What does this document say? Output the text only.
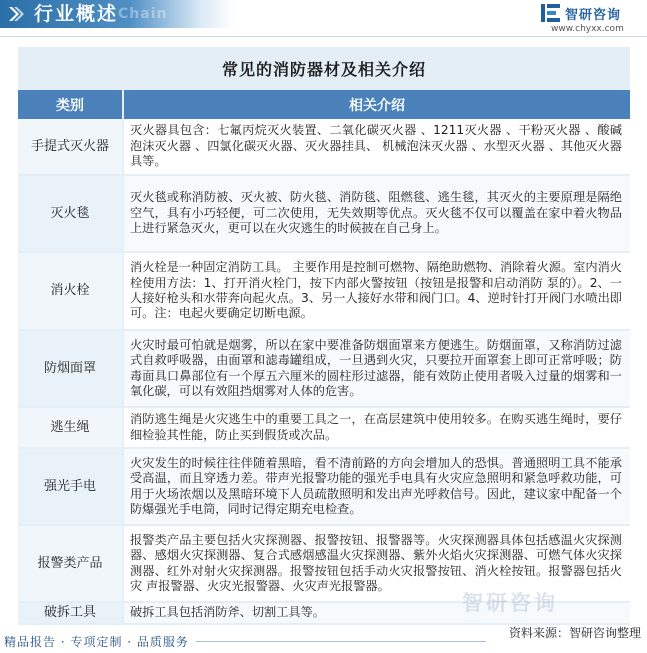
行业概述 Chain	智研咨询
www.chyxx.com
常见的消防器材及相关介绍
类别	相关介绍
手提式灭火器	灭火器具包含：七氟丙烷灭火装置、二氧化碳灭火器 、1211灭火器 、干粉灭火器 、酸碱泡沫灭火器 、四氯化碳灭火器、灭火器挂具、 机械泡沫灭火器 、水型灭火器 、其他灭火器具等。
灭火毯	灭火毯或称消防被、灭火被、防火毯、消防毯、阻燃毯、逃生毯，其灭火的主要原理是隔绝空气，具有小巧轻便，可二次使用，无失效期等优点。灭火毯不仅可以覆盖在家中着火物品上进行紧急灭火，更可以在火灾逃生的时候披在自己身上。
消火栓	消火栓是一种固定消防工具。 主要作用是控制可燃物、隔绝助燃物、消除着火源。室内消火栓使用方法：1、打开消火栓门，按下内部火警按钮（按钮是报警和启动消防 泵的）。2、一人接好枪头和水带奔向起火点。3、另一人接好水带和阀门口。4、逆时针打开阀门水喷出即可。注：电起火要确定切断电源。
防烟面罩	火灾时最可怕就是烟雾，所以在家中要准备防烟面罩来方便逃生。防烟面罩，又称消防过滤式自救呼吸器，由面罩和滤毒罐组成，一旦遇到火灾，只要拉开面罩套上即可正常呼吸；防毒面具口鼻部位有一个厚五六厘米的圆柱形过滤器，能有效防止使用者吸入过量的烟雾和一氧化碳，可以有效阻挡烟雾对人体的危害。
逃生绳	消防逃生绳是火灾逃生中的重要工具之一，在高层建筑中使用较多。在购买逃生绳时，要仔细检验其性能，防止买到假货或次品。
强光手电	火灾发生的时候往往伴随着黑暗，看不清前路的方向会增加人的恐惧。普通照明工具不能承受高温，而且穿透力差。带声光报警功能的强光手电具有火灾应急照明和紧急呼救功能，可用于火场浓烟以及黑暗环境下人员疏散照明和发出声光呼救信号。因此，建议家中配备一个防爆强光手电筒，同时记得定期充电检查。
报警类产品	报警类产品主要包括火灾探测器、报警按钮、报警器等。火灾探测器具体包括感温火灾探测器、感烟火灾探测器、复合式感烟感温火灾探测器、紫外火焰火灾探测器、可燃气体火灾探测器、红外对射火灾探测器。报警按钮包括手动火灾报警按钮、消火栓按钮。报警器包括火灾 声报警器、火灾光报警器、火灾声光报警器。
破拆工具	破拆工具包括消防斧、切割工具等。	智研咨询
精品报告 · 专项定制 · 品质服务
资料来源：智研咨询整理
